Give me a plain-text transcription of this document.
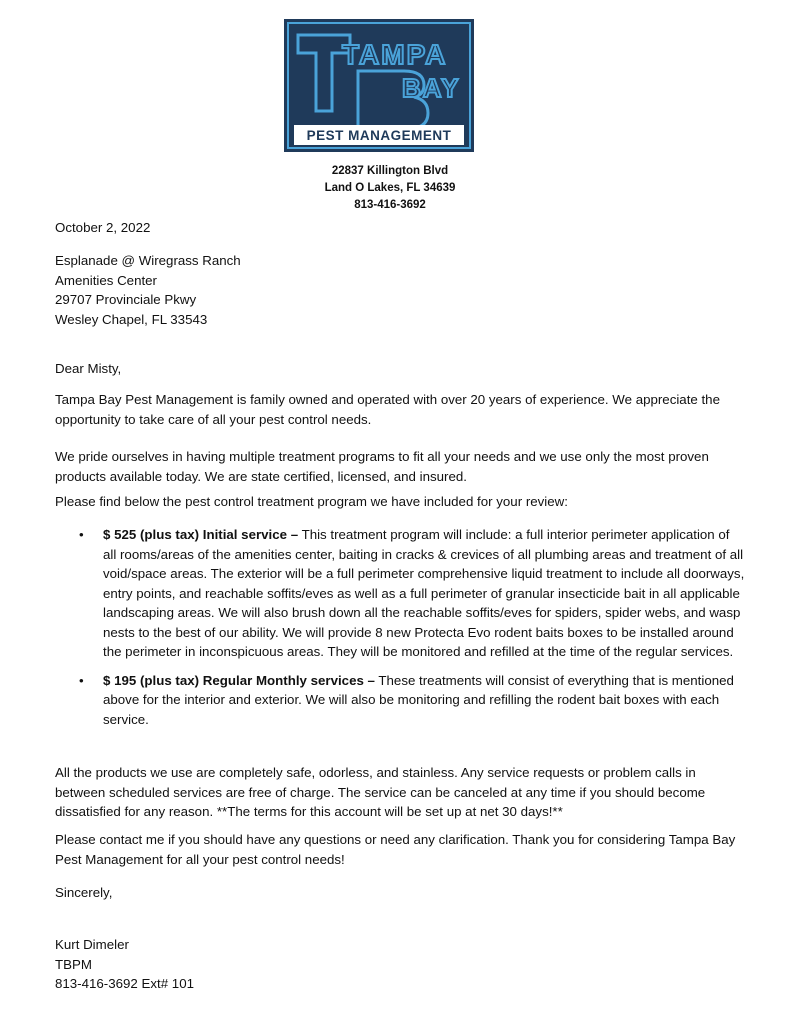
TAMPA
BAY
PEST MANAGEMENT
22837 Killington Blvd
Land O Lakes, FL 34639
813-416-3692

October 2, 2022

Esplanade @ Wiregrass Ranch
Amenities Center
29707 Provinciale Pkwy
Wesley Chapel, FL 33543

Dear Misty,

Tampa Bay Pest Management is family owned and operated with over 20 years of experience. We appreciate the opportunity to take care of all your pest control needs.

We pride ourselves in having multiple treatment programs to fit all your needs and we use only the most proven products available today. We are state certified, licensed, and insured.

Please find below the pest control treatment program we have included for your review:

• $ 525 (plus tax) Initial service – This treatment program will include: a full interior perimeter application of all rooms/areas of the amenities center, baiting in cracks & crevices of all plumbing areas and treatment of all void/space areas. The exterior will be a full perimeter comprehensive liquid treatment to include all doorways, entry points, and reachable soffits/eves as well as a full perimeter of granular insecticide bait in all applicable landscaping areas. We will also brush down all the reachable soffits/eves for spiders, spider webs, and wasp nests to the best of our ability. We will provide 8 new Protecta Evo rodent baits boxes to be installed around the perimeter in inconspicuous areas. They will be monitored and refilled at the time of the regular services.
• $ 195 (plus tax) Regular Monthly services – These treatments will consist of everything that is mentioned above for the interior and exterior. We will also be monitoring and refilling the rodent bait boxes with each service.

All the products we use are completely safe, odorless, and stainless. Any service requests or problem calls in between scheduled services are free of charge. The service can be canceled at any time if you should become dissatisfied for any reason. **The terms for this account will be set up at net 30 days!**

Please contact me if you should have any questions or need any clarification. Thank you for considering Tampa Bay Pest Management for all your pest control needs!

Sincerely,

Kurt Dimeler
TBPM
813-416-3692 Ext# 101
